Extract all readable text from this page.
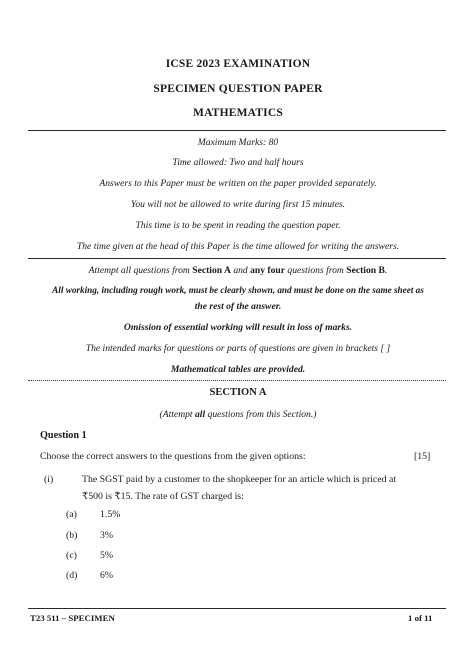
ICSE 2023 EXAMINATION
SPECIMEN QUESTION PAPER
MATHEMATICS
Maximum Marks: 80
Time allowed: Two and half hours
Answers to this Paper must be written on the paper provided separately.
You will not be allowed to write during first 15 minutes.
This time is to be spent in reading the question paper.
The time given at the head of this Paper is the time allowed for writing the answers.
Attempt all questions from Section A and any four questions from Section B.
All working, including rough work, must be clearly shown, and must be done on the same sheet as
the rest of the answer.
Omission of essential working will result in loss of marks.
The intended marks for questions or parts of questions are given in brackets [ ]
Mathematical tables are provided.
SECTION A
(Attempt all questions from this Section.)
Question 1
Choose the correct answers to the questions from the given options:	[15]
(i)	The SGST paid by a customer to the shopkeeper for an article which is priced at
₹500 is ₹15. The rate of GST charged is:
(a) 1.5%
(b) 3%
(c) 5%
(d) 6%
T23 511 – SPECIMEN	1 of 11
